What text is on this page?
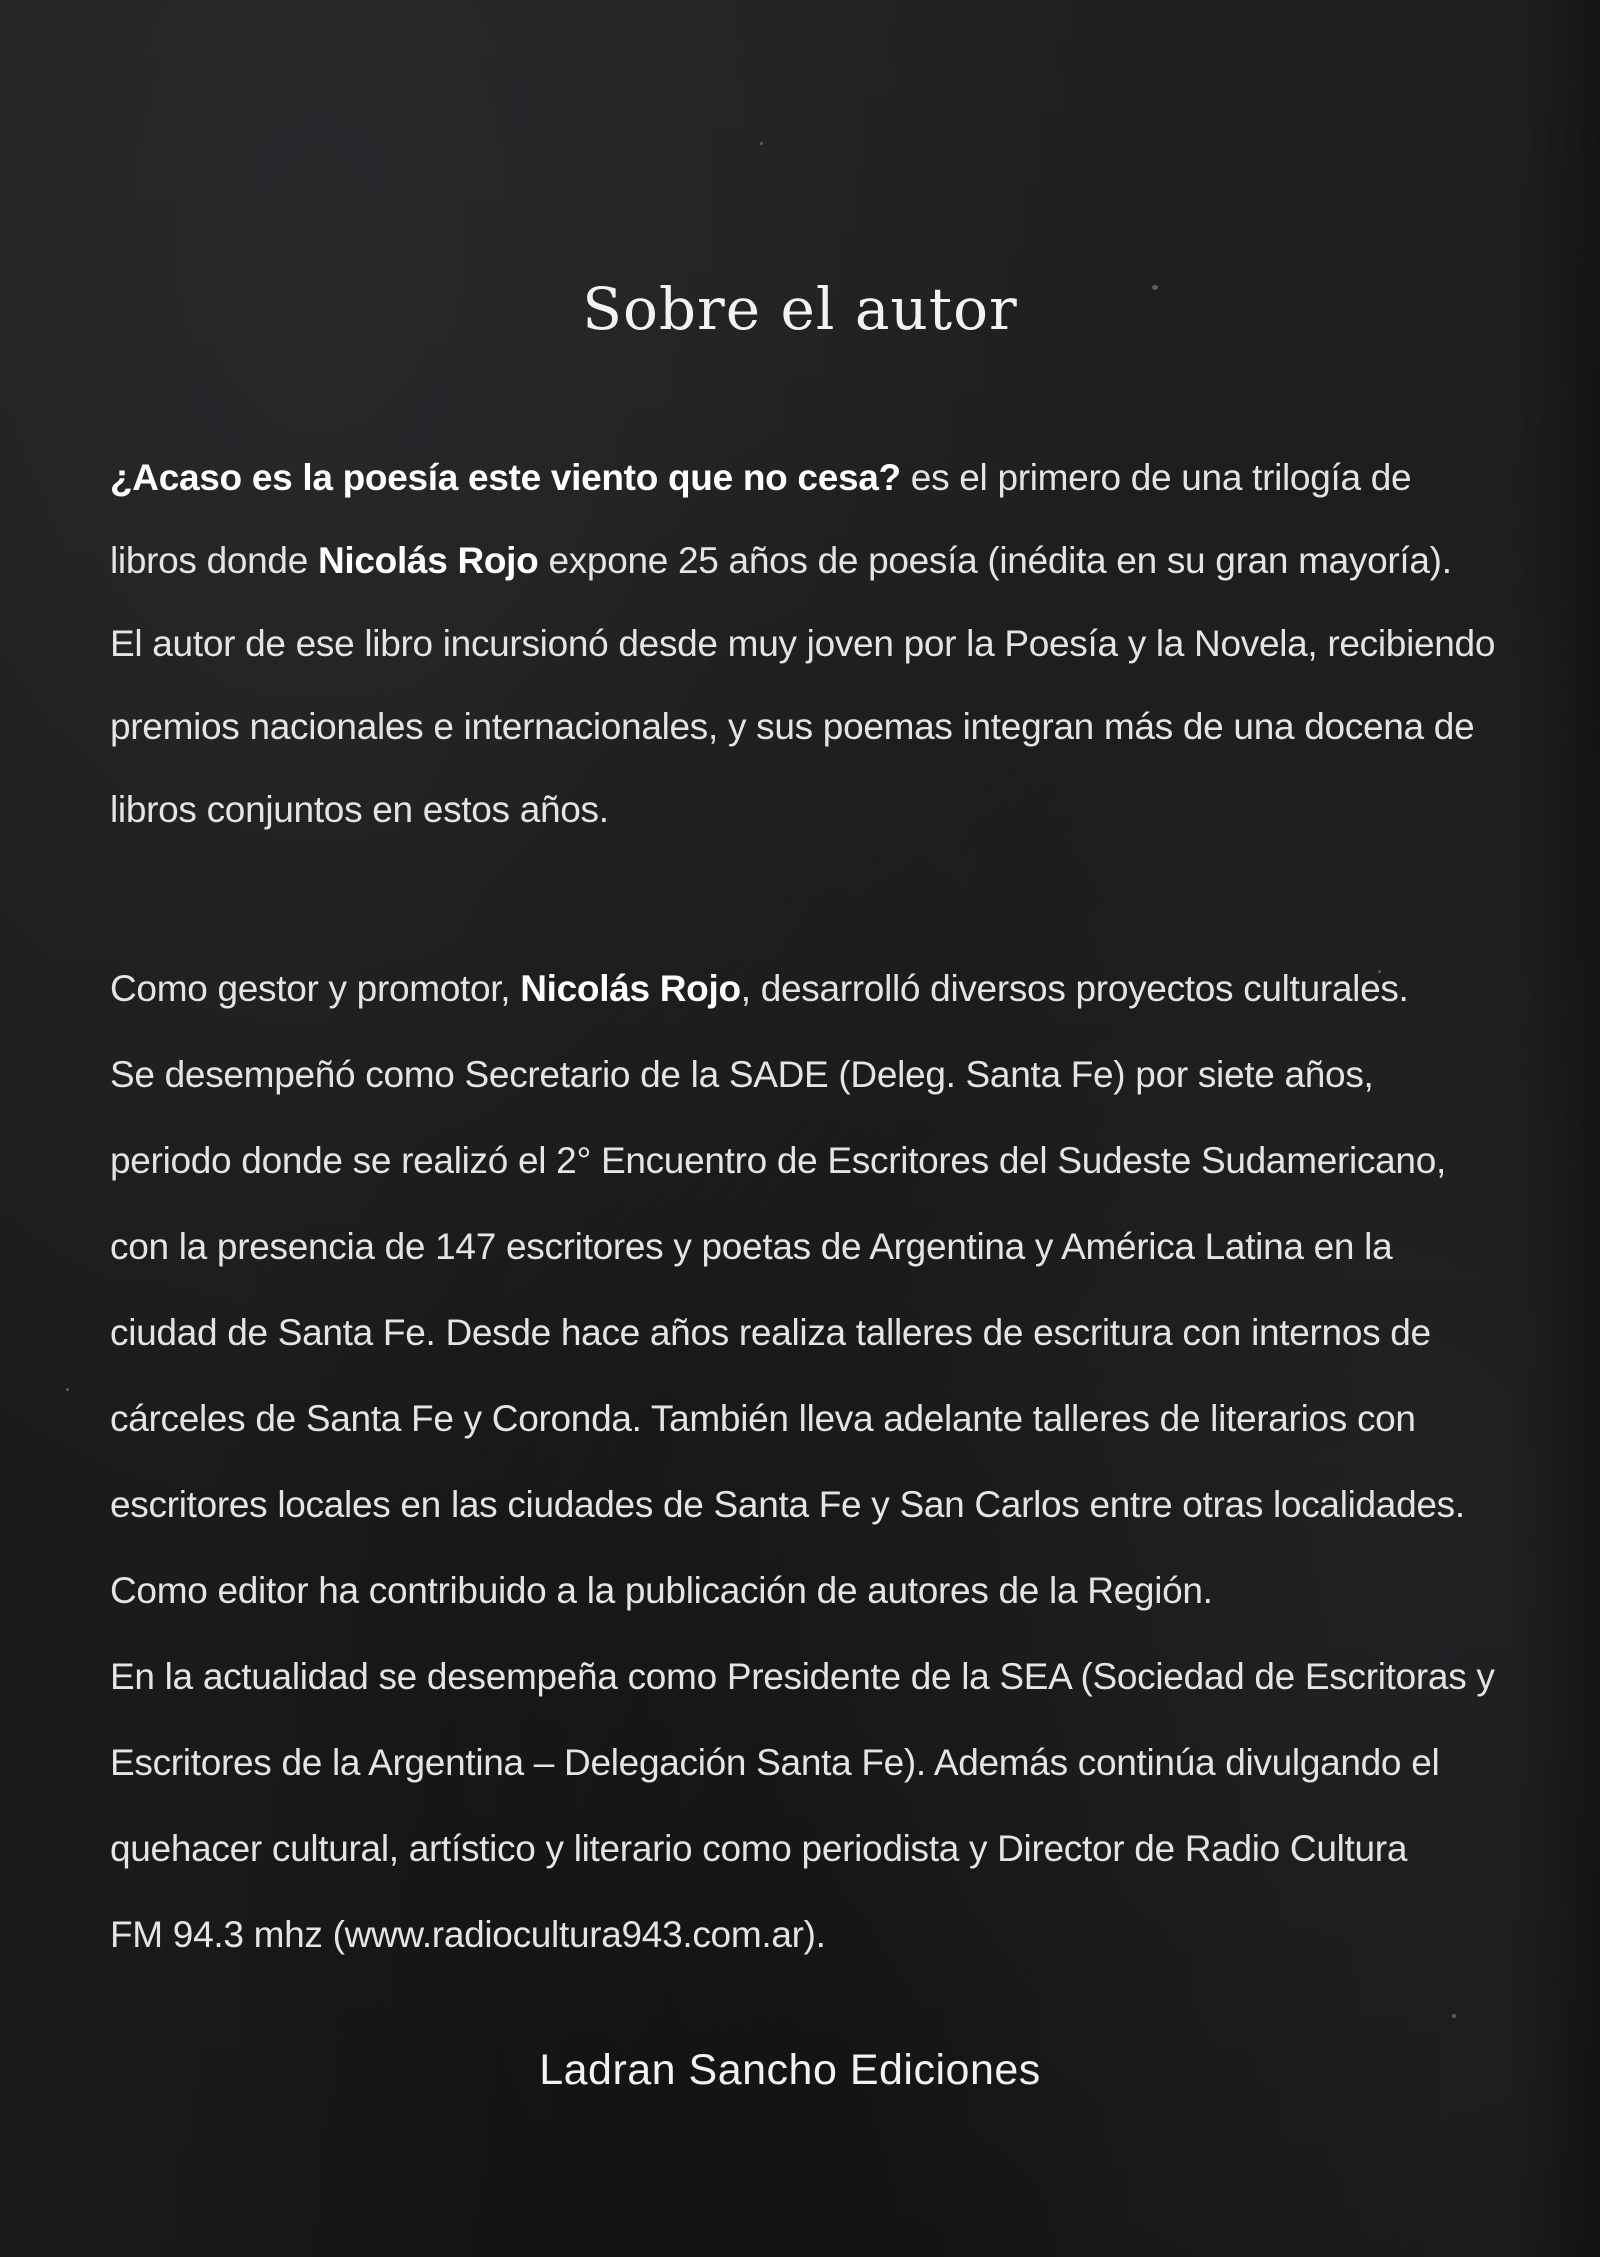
Sobre el autor
¿Acaso es la poesía este viento que no cesa? es el primero de una trilogía de
libros donde Nicolás Rojo expone 25 años de poesía (inédita en su gran mayoría).
El autor de ese libro incursionó desde muy joven por la Poesía y la Novela, recibiendo
premios nacionales e internacionales, y sus poemas integran más de una docena de
libros conjuntos en estos años.
Como gestor y promotor, Nicolás Rojo, desarrolló diversos proyectos culturales.
Se desempeñó como Secretario de la SADE (Deleg. Santa Fe) por siete años,
periodo donde se realizó el 2° Encuentro de Escritores del Sudeste Sudamericano,
con la presencia de 147 escritores y poetas de Argentina y América Latina en la
ciudad de Santa Fe. Desde hace años realiza talleres de escritura con internos de
cárceles de Santa Fe y Coronda. También lleva adelante talleres de literarios con
escritores locales en las ciudades de Santa Fe y San Carlos entre otras localidades.
Como editor ha contribuido a la publicación de autores de la Región.
En la actualidad se desempeña como Presidente de la SEA (Sociedad de Escritoras y
Escritores de la Argentina – Delegación Santa Fe). Además continúa divulgando el
quehacer cultural, artístico y literario como periodista y Director de Radio Cultura
FM 94.3 mhz (www.radiocultura943.com.ar).
Ladran Sancho Ediciones
